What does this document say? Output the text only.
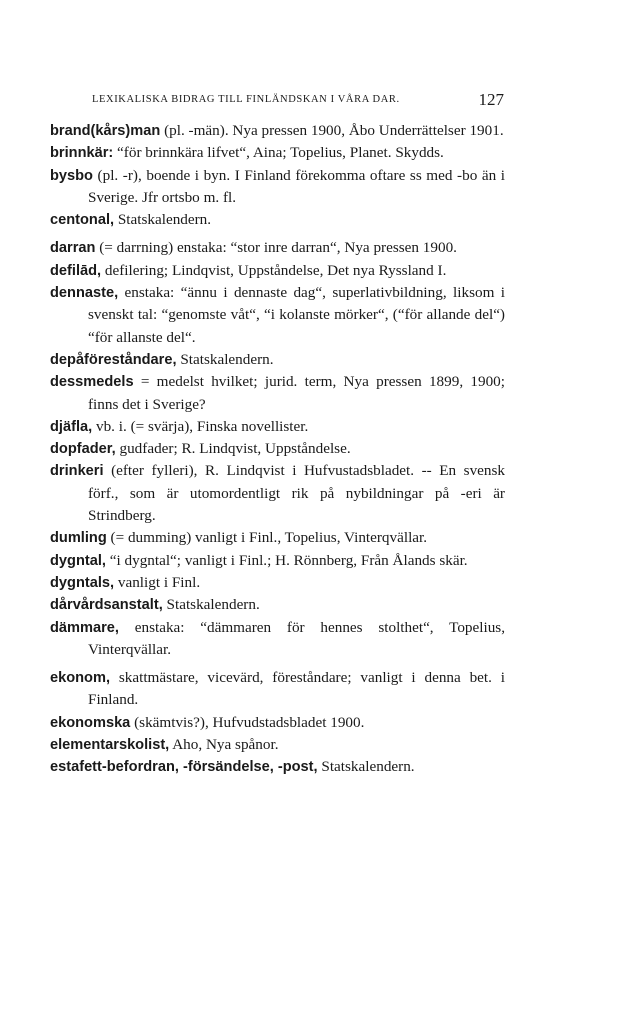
LEXIKALISKA BIDRAG TILL FINLÄNDSKAN I VÅRA DAR.	127

brand(kårs)man (pl. -män). Nya pressen 1900, Åbo Underrättelser 1901.

brinnkär: “för brinnkära lifvet“, Aina; Topelius, Planet. Skydds.

bysbo (pl. -r), boende i byn. I Finland förekomma oftare ss med -bo än i Sverige. Jfr ortsbo m. fl.

centonal, Statskalendern.

darran (= darrning) enstaka: “stor inre darran“, Nya pressen 1900.

defilād, defilering; Lindqvist, Uppståndelse, Det nya Ryssland I.

dennaste, enstaka: “ännu i dennaste dag“, superlativbildning, liksom i svenskt tal: “genomste våt“, “i kolanste mörker“, (“för allande del“) “för allanste del“.

depåföreståndare, Statskalendern.

dessmedels = medelst hvilket; jurid. term, Nya pressen 1899, 1900; finns det i Sverige?

djäfla, vb. i. (= svärja), Finska novellister.

dopfader, gudfader; R. Lindqvist, Uppståndelse.

drinkeri (efter fylleri), R. Lindqvist i Hufvustadsbladet. -- En svensk förf., som är utomordentligt rik på nybildningar på -eri är Strindberg.

dumling (= dumming) vanligt i Finl., Topelius, Vinterqvällar.

dygntal, “i dygntal“; vanligt i Finl.; H. Rönnberg, Från Ålands skär.

dygntals, vanligt i Finl.

dårvårdsanstalt, Statskalendern.

dämmare, enstaka: “dämmaren för hennes stolthet“, Topelius, Vinterqvällar.

ekonom, skattmästare, vicevärd, föreståndare; vanligt i denna bet. i Finland.

ekonomska (skämtvis?), Hufvudstadsbladet 1900.

elementarskolist, Aho, Nya spånor.

estafett-befordran, -försändelse, -post, Statskalendern.
